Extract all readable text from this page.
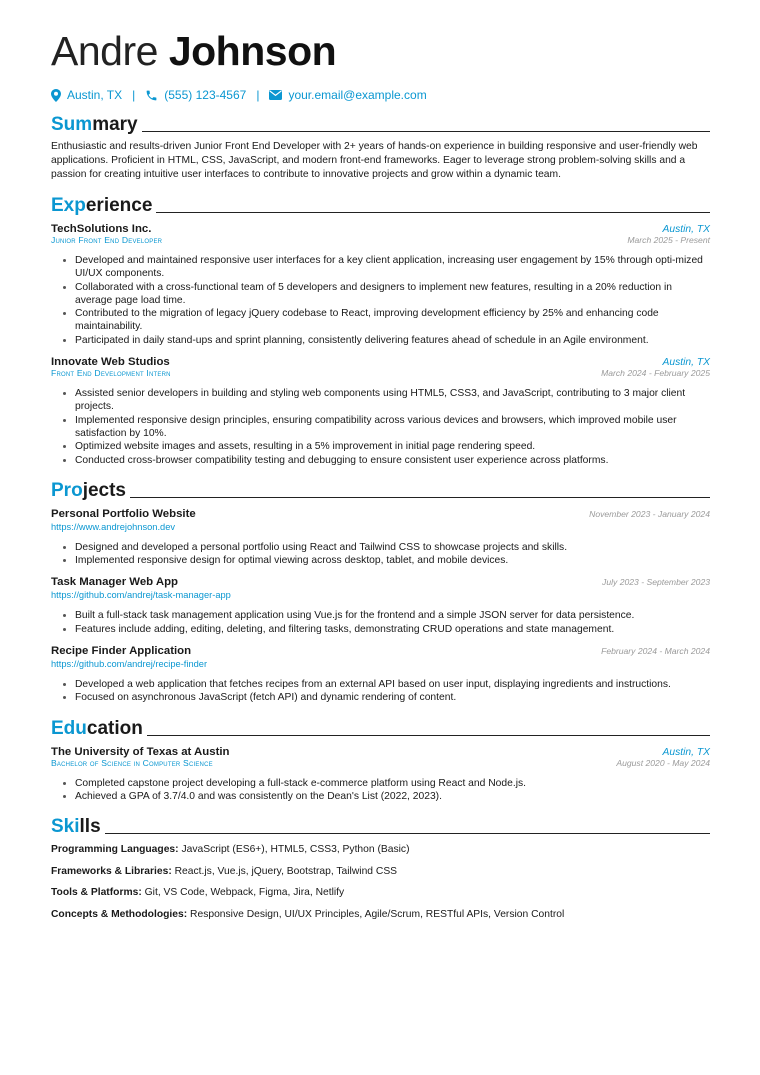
Andre Johnson
Austin, TX | (555) 123-4567 | your.email@example.com
Summary
Enthusiastic and results-driven Junior Front End Developer with 2+ years of hands-on experience in building responsive and user-friendly web applications. Proficient in HTML, CSS, JavaScript, and modern front-end frameworks. Eager to leverage strong problem-solving skills and a passion for creating intuitive user interfaces to contribute to innovative projects and grow within a dynamic team.
Experience
TechSolutions Inc.	Austin, TX
Junior Front End Developer	March 2025 - Present
• Developed and maintained responsive user interfaces for a key client application, increasing user engagement by 15% through opti-mized UI/UX components.
• Collaborated with a cross-functional team of 5 developers and designers to implement new features, resulting in a 20% reduction in average page load time.
• Contributed to the migration of legacy jQuery codebase to React, improving development efficiency by 25% and enhancing code maintainability.
• Participated in daily stand-ups and sprint planning, consistently delivering features ahead of schedule in an Agile environment.
Innovate Web Studios	Austin, TX
Front End Development Intern	March 2024 - February 2025
• Assisted senior developers in building and styling web components using HTML5, CSS3, and JavaScript, contributing to 3 major client projects.
• Implemented responsive design principles, ensuring compatibility across various devices and browsers, which improved mobile user satisfaction by 10%.
• Optimized website images and assets, resulting in a 5% improvement in initial page rendering speed.
• Conducted cross-browser compatibility testing and debugging to ensure consistent user experience across platforms.
Projects
Personal Portfolio Website	November 2023 - January 2024
https://www.andrejohnson.dev
• Designed and developed a personal portfolio using React and Tailwind CSS to showcase projects and skills.
• Implemented responsive design for optimal viewing across desktop, tablet, and mobile devices.
Task Manager Web App	July 2023 - September 2023
https://github.com/andrej/task-manager-app
• Built a full-stack task management application using Vue.js for the frontend and a simple JSON server for data persistence.
• Features include adding, editing, deleting, and filtering tasks, demonstrating CRUD operations and state management.
Recipe Finder Application	February 2024 - March 2024
https://github.com/andrej/recipe-finder
• Developed a web application that fetches recipes from an external API based on user input, displaying ingredients and instructions.
• Focused on asynchronous JavaScript (fetch API) and dynamic rendering of content.
Education
The University of Texas at Austin	Austin, TX
Bachelor of Science in Computer Science	August 2020 - May 2024
• Completed capstone project developing a full-stack e-commerce platform using React and Node.js.
• Achieved a GPA of 3.7/4.0 and was consistently on the Dean's List (2022, 2023).
Skills
Programming Languages: JavaScript (ES6+), HTML5, CSS3, Python (Basic)
Frameworks & Libraries: React.js, Vue.js, jQuery, Bootstrap, Tailwind CSS
Tools & Platforms: Git, VS Code, Webpack, Figma, Jira, Netlify
Concepts & Methodologies: Responsive Design, UI/UX Principles, Agile/Scrum, RESTful APIs, Version Control
